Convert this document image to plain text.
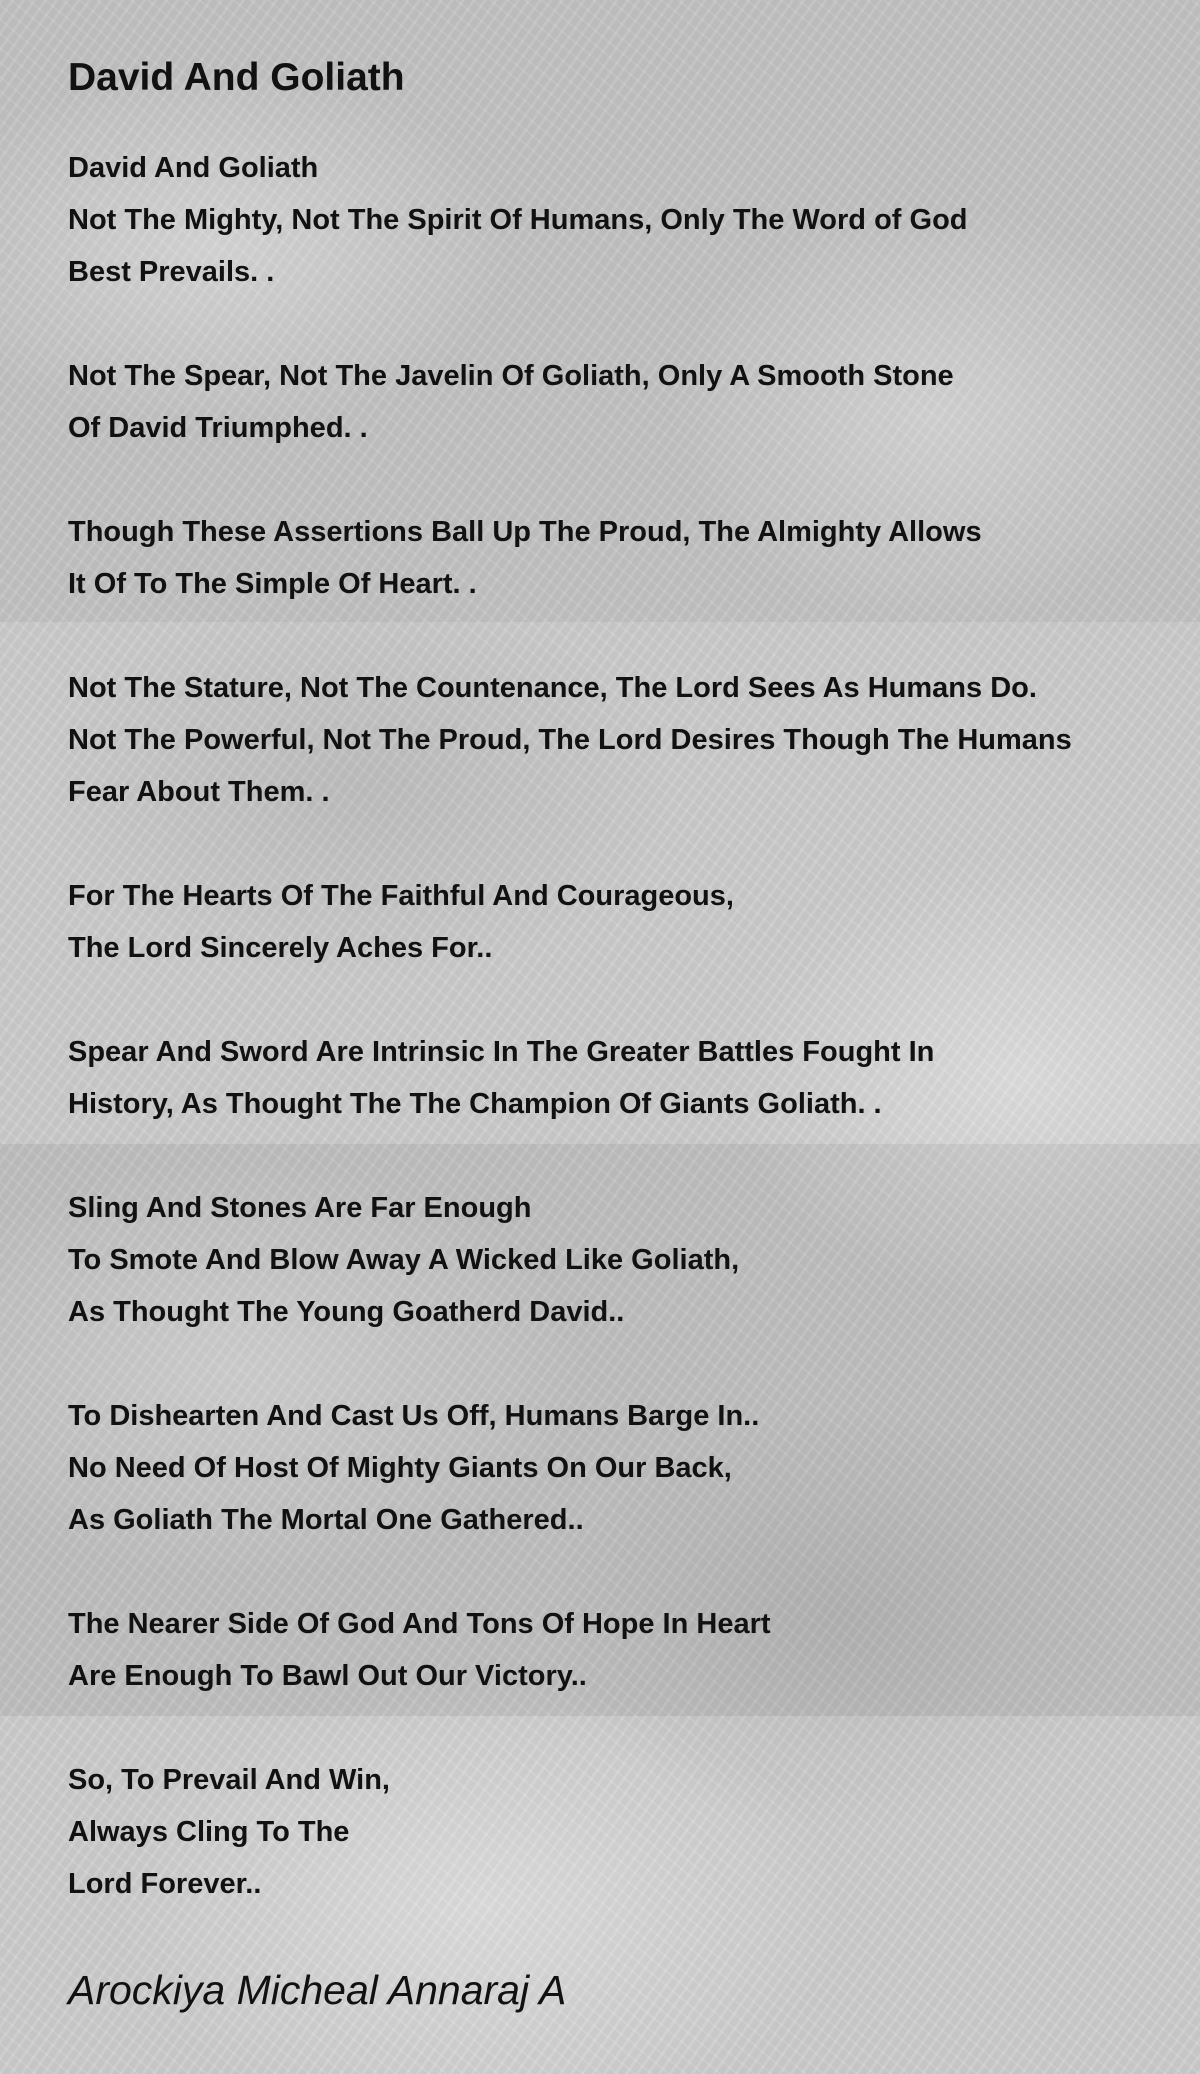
David And Goliath
David And Goliath
Not The Mighty, Not The Spirit Of Humans, Only The Word of God
Best Prevails. .
Not The Spear, Not The Javelin Of Goliath, Only A Smooth Stone
Of David Triumphed. .
Though These Assertions Ball Up The Proud, The Almighty Allows
It Of To The Simple Of Heart. .
Not The Stature, Not The Countenance, The Lord Sees As Humans Do.
Not The Powerful, Not The Proud, The Lord Desires Though The Humans
Fear About Them. .
For The Hearts Of The Faithful And Courageous,
The Lord Sincerely Aches For..
Spear And Sword Are Intrinsic In The Greater Battles Fought In
History, As Thought The The Champion Of Giants Goliath. .
Sling And Stones Are Far Enough
To Smote And Blow Away A Wicked Like Goliath,
As Thought The Young Goatherd David..
To Dishearten And Cast Us Off, Humans Barge In..
No Need Of Host Of Mighty Giants On Our Back,
As Goliath The Mortal One Gathered..
The Nearer Side Of God And Tons Of Hope In Heart
Are Enough To Bawl Out Our Victory..
So, To Prevail And Win,
Always Cling To The
Lord Forever..
Arockiya Micheal Annaraj A
